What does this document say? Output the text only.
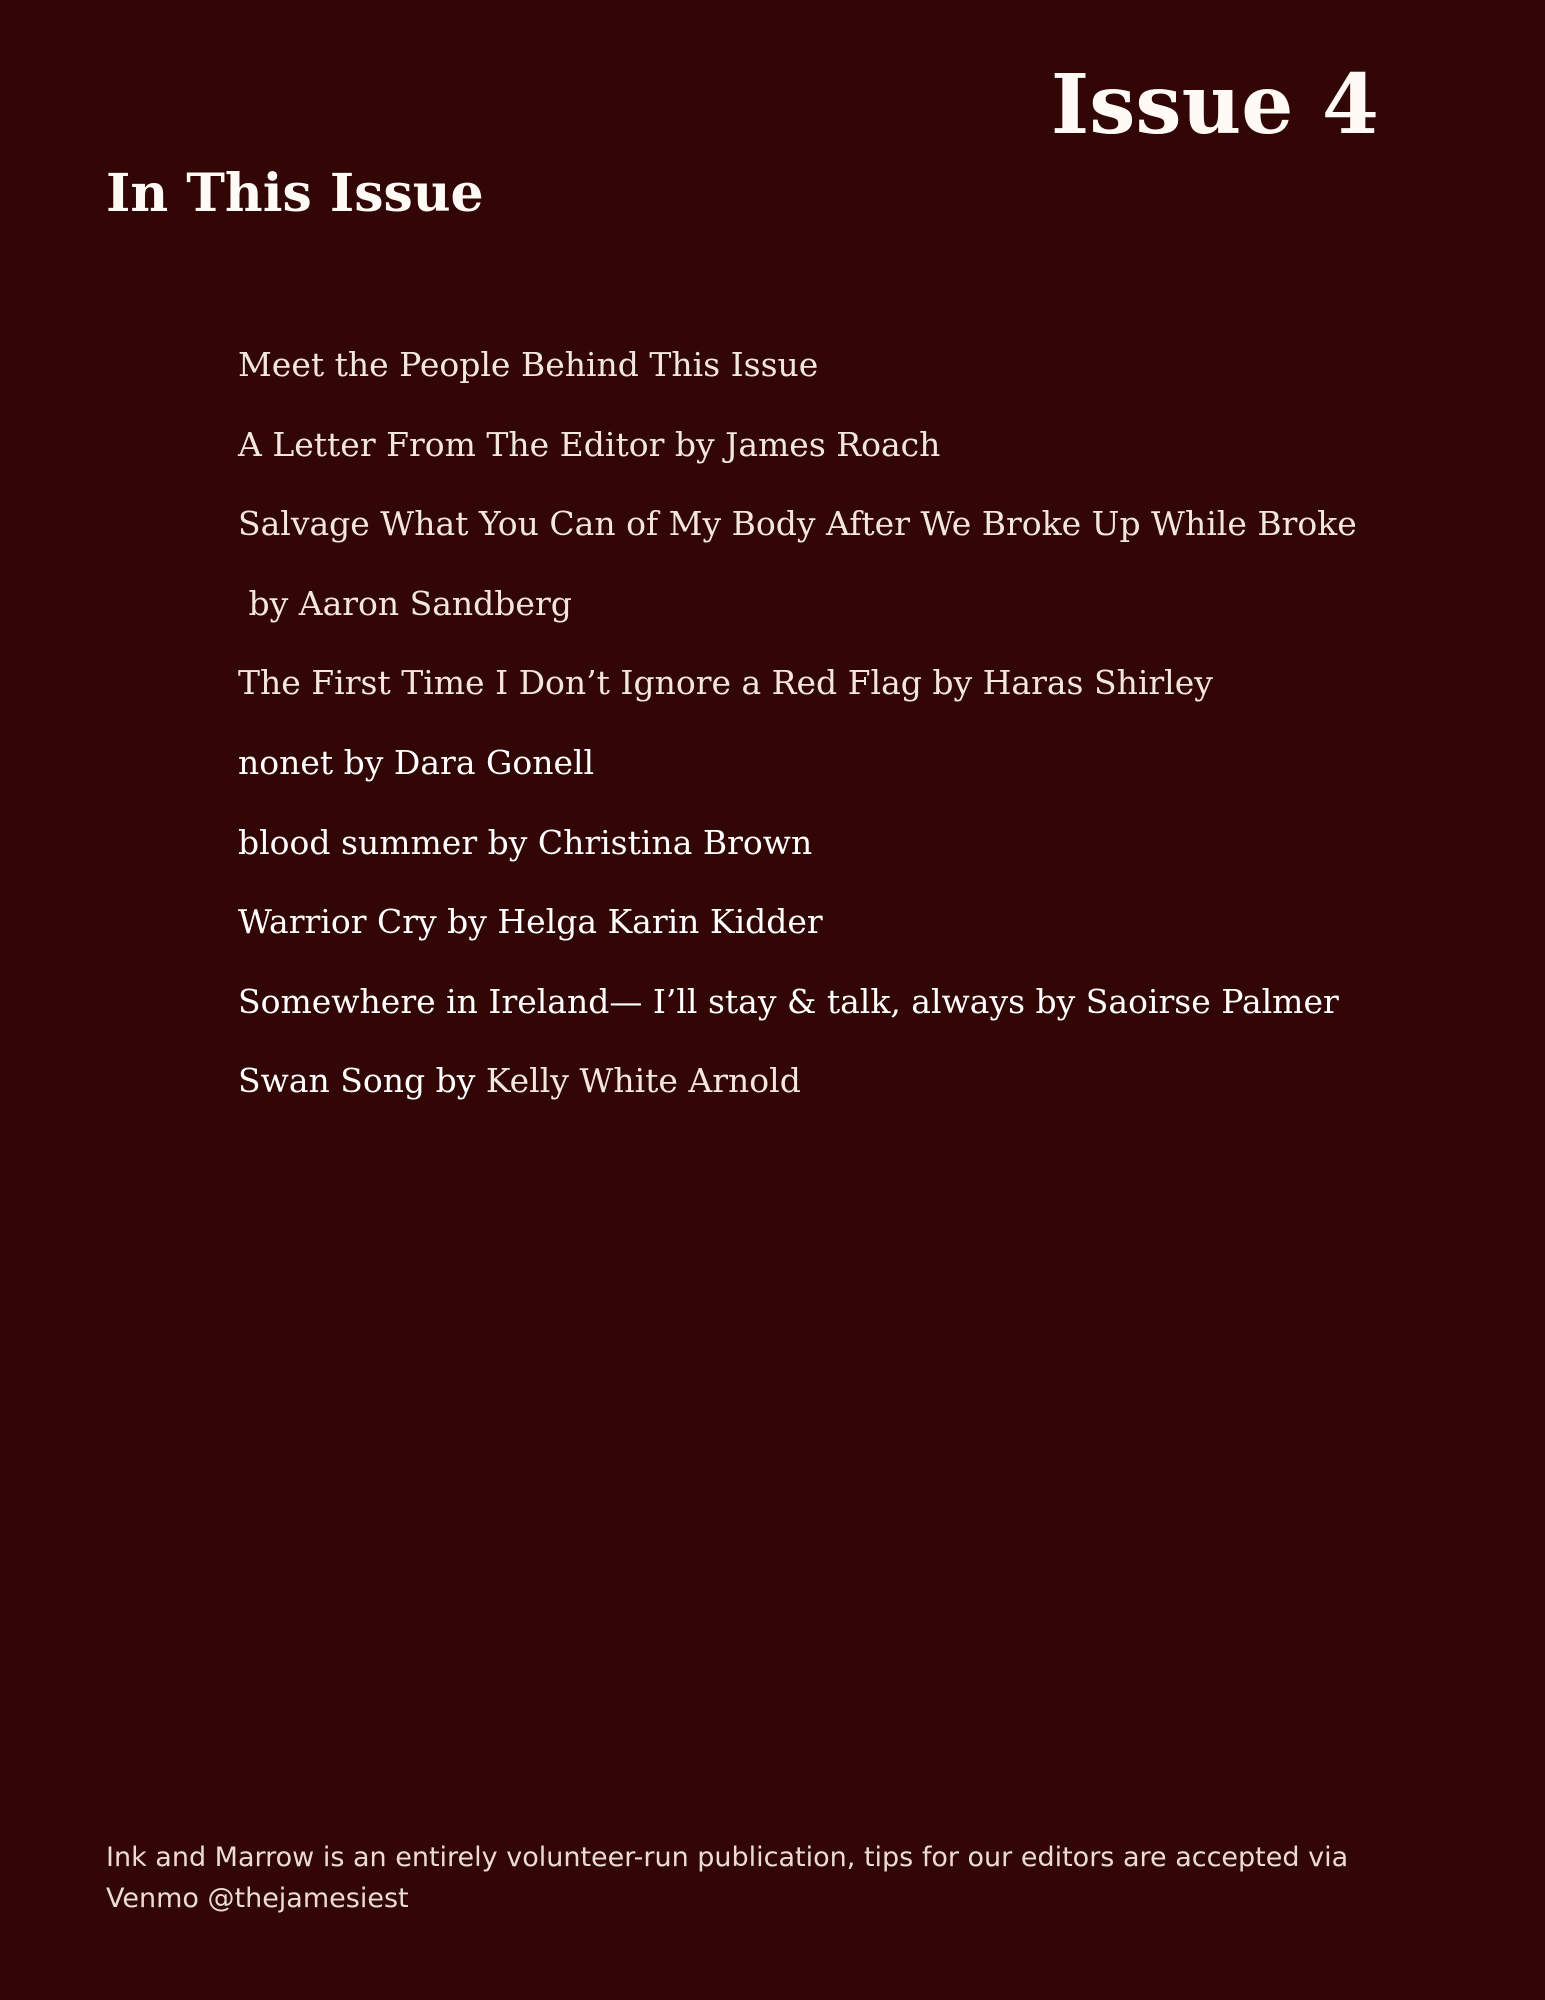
Issue 4
In This Issue
Meet the People Behind This Issue
A Letter From The Editor by James Roach
Salvage What You Can of My Body After We Broke Up While Broke
by Aaron Sandberg
The First Time I Don’t Ignore a Red Flag by Haras Shirley
nonet by Dara Gonell
blood summer by Christina Brown
Warrior Cry by Helga Karin Kidder
Somewhere in Ireland— I’ll stay & talk, always by Saoirse Palmer
Swan Song by Kelly White Arnold

Ink and Marrow is an entirely volunteer-run publication, tips for our editors are accepted via Venmo @thejamesiest
